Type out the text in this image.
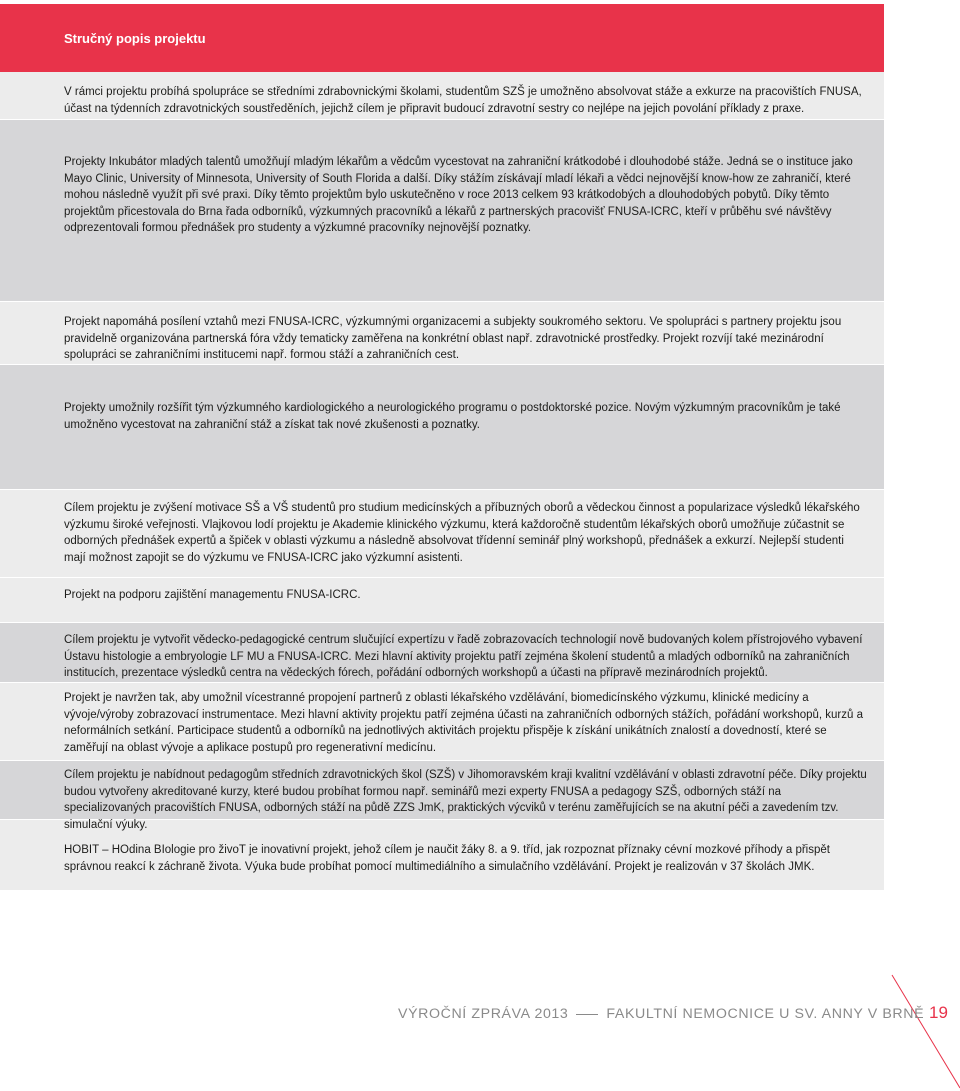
Stručný popis projektu

V rámci projektu probíhá spolupráce se středními zdrabovnickými školami, studentům SZŠ je umožněno absolvovat stáže a exkurze na pracovištích FNUSA, účast na týdenních zdravotnických soustředěních, jejichž cílem je připravit budoucí zdravotní sestry co nejlépe na jejich povolání příklady z praxe.

Projekty Inkubátor mladých talentů umožňují mladým lékařům a vědcům vycestovat na zahraniční krátkodobé i dlouhodobé stáže. Jedná se o instituce jako Mayo Clinic, University of Minnesota, University of South Florida a další. Díky stážím získávají mladí lékaři a vědci nejnovější know-how ze zahraničí, které mohou následně využít při své praxi. Díky těmto projektům bylo uskutečněno v roce 2013 celkem 93 krátkodobých a dlouhodobých pobytů. Díky těmto projektům přicestovala do Brna řada odborníků, výzkumných pracovníků a lékařů z partnerských pracovišť FNUSA-ICRC, kteří v průběhu své návštěvy odprezentovali formou přednášek pro studenty a výzkumné pracovníky nejnovější poznatky.

Projekt napomáhá posílení vztahů mezi FNUSA-ICRC, výzkumnými organizacemi a subjekty soukromého sektoru. Ve spolupráci s partnery projektu jsou pravidelně organizována partnerská fóra vždy tematicky zaměřena na konkrétní oblast např. zdravotnické prostředky. Projekt rozvíjí také mezinárodní spolupráci se zahraničními institucemi např. formou stáží a zahraničních cest.

Projekty umožnily rozšířit tým výzkumného kardiologického a neurologického programu o postdoktorské pozice. Novým výzkumným pracovníkům je také umožněno vycestovat na zahraniční stáž a získat tak nové zkušenosti a poznatky.

Cílem projektu je zvýšení motivace SŠ a VŠ studentů pro studium medicínských a příbuzných oborů a vědeckou činnost a popularizace výsledků lékařského výzkumu široké veřejnosti. Vlajkovou lodí projektu je Akademie klinického výzkumu, která každoročně studentům lékařských oborů umožňuje zúčastnit se odborných přednášek expertů a špiček v oblasti výzkumu a následně absolvovat třídenní seminář plný workshopů, přednášek a exkurzí. Nejlepší studenti mají možnost zapojit se do výzkumu ve FNUSA-ICRC jako výzkumní asistenti.

Projekt na podporu zajištění managementu FNUSA-ICRC.

Cílem projektu je vytvořit vědecko-pedagogické centrum slučující expertízu v řadě zobrazovacích technologií nově budovaných kolem přístrojového vybavení Ústavu histologie a embryologie LF MU a FNUSA-ICRC. Mezi hlavní aktivity projektu patří zejména školení studentů a mladých odborníků na zahraničních institucích, prezentace výsledků centra na vědeckých fórech, pořádání odborných workshopů a účasti na přípravě mezinárodních projektů.

Projekt je navržen tak, aby umožnil vícestranné propojení partnerů z oblasti lékařského vzdělávání, biomedicínského výzkumu, klinické medicíny a vývoje/výroby zobrazovací instrumentace. Mezi hlavní aktivity projektu patří zejména účasti na zahraničních odborných stážích, pořádání workshopů, kurzů a neformálních setkání. Participace studentů a odborníků na jednotlivých aktivitách projektu přispěje k získání unikátních znalostí a dovedností, které se zaměřují na oblast vývoje a aplikace postupů pro regenerativní medicínu.

Cílem projektu je nabídnout pedagogům středních zdravotnických škol (SZŠ) v Jihomoravském kraji kvalitní vzdělávání v oblasti zdravotní péče. Díky projektu budou vytvořeny akreditované kurzy, které budou probíhat formou např. seminářů mezi experty FNUSA a pedagogy SZŠ, odborných stáží na specializovaných pracovištích FNUSA, odborných stáží na půdě ZZS JmK, praktických výcviků v terénu zaměřujících se na akutní péči a zavedením tzv. simulační výuky.

HOBIT – HOdina BIologie pro živoT je inovativní projekt, jehož cílem je naučit žáky 8. a 9. tříd, jak rozpoznat příznaky cévní mozkové příhody a přispět správnou reakcí k záchraně života. Výuka bude probíhat pomocí multimediálního a simulačního vzdělávání. Projekt je realizován v 37 školách JMK.

VÝROČNÍ ZPRÁVA 2013	FAKULTNÍ NEMOCNICE U SV. ANNY V BRNĚ 19
